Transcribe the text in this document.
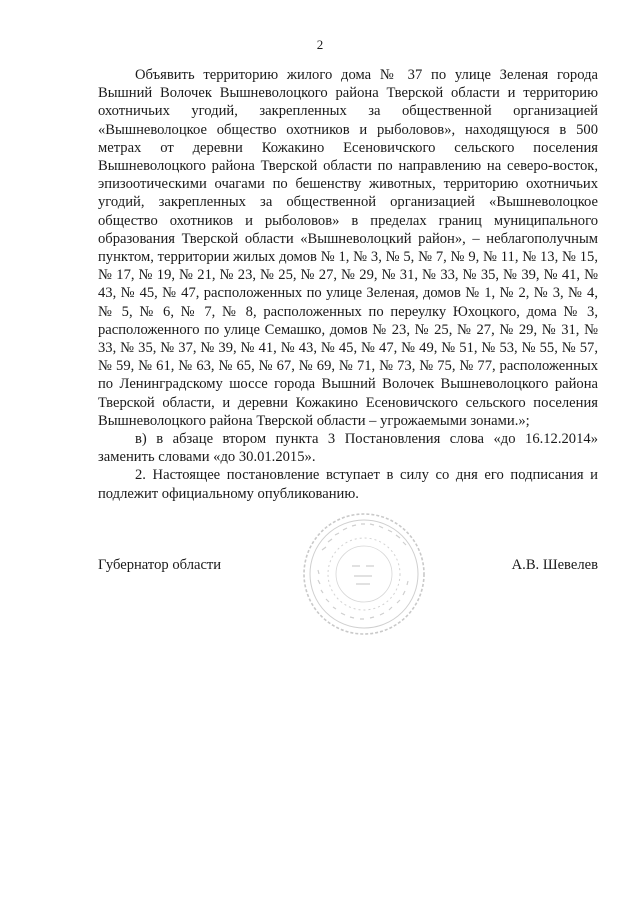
2

Объявить территорию жилого дома № 37 по улице Зеленая города Вышний Волочек Вышневолоцкого района Тверской области и территорию охотничьих угодий, закрепленных за общественной организацией «Вышневолоцкое общество охотников и рыболовов», находящуюся в 500 метрах от деревни Кожакино Есеновичского сельского поселения Вышневолоцкого района Тверской области по направлению на северо-восток, эпизоотическими очагами по бешенству животных, территорию охотничьих угодий, закрепленных за общественной организацией «Вышневолоцкое общество охотников и рыболовов» в пределах границ муниципального образования Тверской области «Вышневолоцкий район», – неблагополучным пунктом, территории жилых домов № 1, № 3, № 5, № 7, № 9, № 11, № 13, № 15, № 17, № 19, № 21, № 23, № 25, № 27, № 29, № 31, № 33, № 35, № 39, № 41, № 43, № 45, № 47, расположенных по улице Зеленая, домов № 1, № 2, № 3, № 4, № 5, № 6, № 7, № 8, расположенных по переулку Юхоцкого, дома № 3, расположенного по улице Семашко, домов № 23, № 25, № 27, № 29, № 31, № 33, № 35, № 37, № 39, № 41, № 43, № 45, № 47, № 49, № 51, № 53, № 55, № 57, № 59, № 61, № 63, № 65, № 67, № 69, № 71, № 73, № 75, № 77, расположенных по Ленинградскому шоссе города Вышний Волочек Вышневолоцкого района Тверской области, и деревни Кожакино Есеновичского сельского поселения Вышневолоцкого района Тверской области – угрожаемыми зонами.»;

в) в абзаце втором пункта 3 Постановления слова «до 16.12.2014» заменить словами «до 30.01.2015».

2. Настоящее постановление вступает в силу со дня его подписания и подлежит официальному опубликованию.

Губернатор области	А.В. Шевелев
